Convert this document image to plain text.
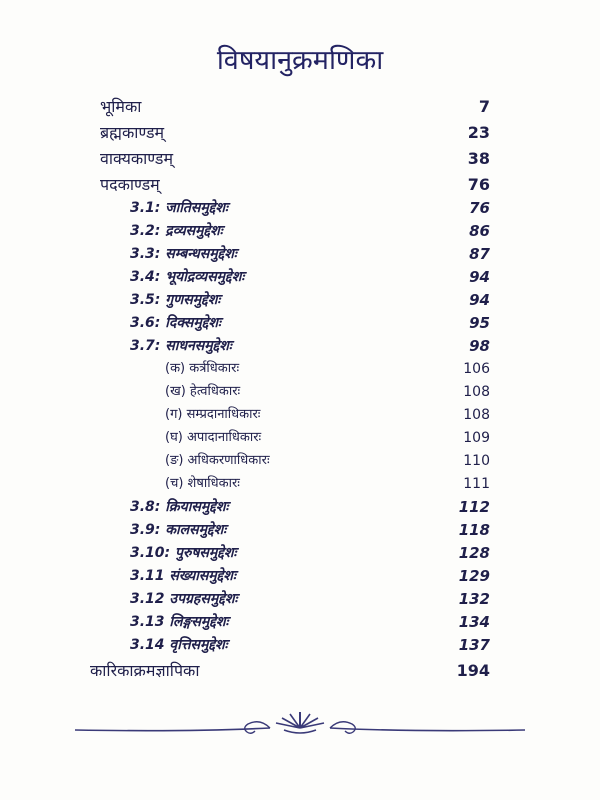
विषयानुक्रमणिका
भूमिका	7
ब्रह्मकाण्डम्	23
वाक्यकाण्डम्	38
पदकाण्डम्	76
3.1: जातिसमुद्देशः	76
3.2: द्रव्यसमुद्देशः	86
3.3: सम्बन्धसमुद्देशः	87
3.4: भूयोद्रव्यसमुद्देशः	94
3.5: गुणसमुद्देशः	94
3.6: दिक्समुद्देशः	95
3.7: साधनसमुद्देशः	98
(क) कर्त्रधिकारः	106
(ख) हेत्वधिकारः	108
(ग) सम्प्रदानाधिकारः	108
(घ) अपादानाधिकारः	109
(ङ) अधिकरणाधिकारः	110
(च) शेषाधिकारः	111
3.8: क्रियासमुद्देशः	112
3.9: कालसमुद्देशः	118
3.10: पुरुषसमुद्देशः	128
3.11 संख्यासमुद्देशः	129
3.12 उपग्रहसमुद्देशः	132
3.13 लिङ्गसमुद्देशः	134
3.14 वृत्तिसमुद्देशः	137
कारिकाक्रमज्ञापिका	194
